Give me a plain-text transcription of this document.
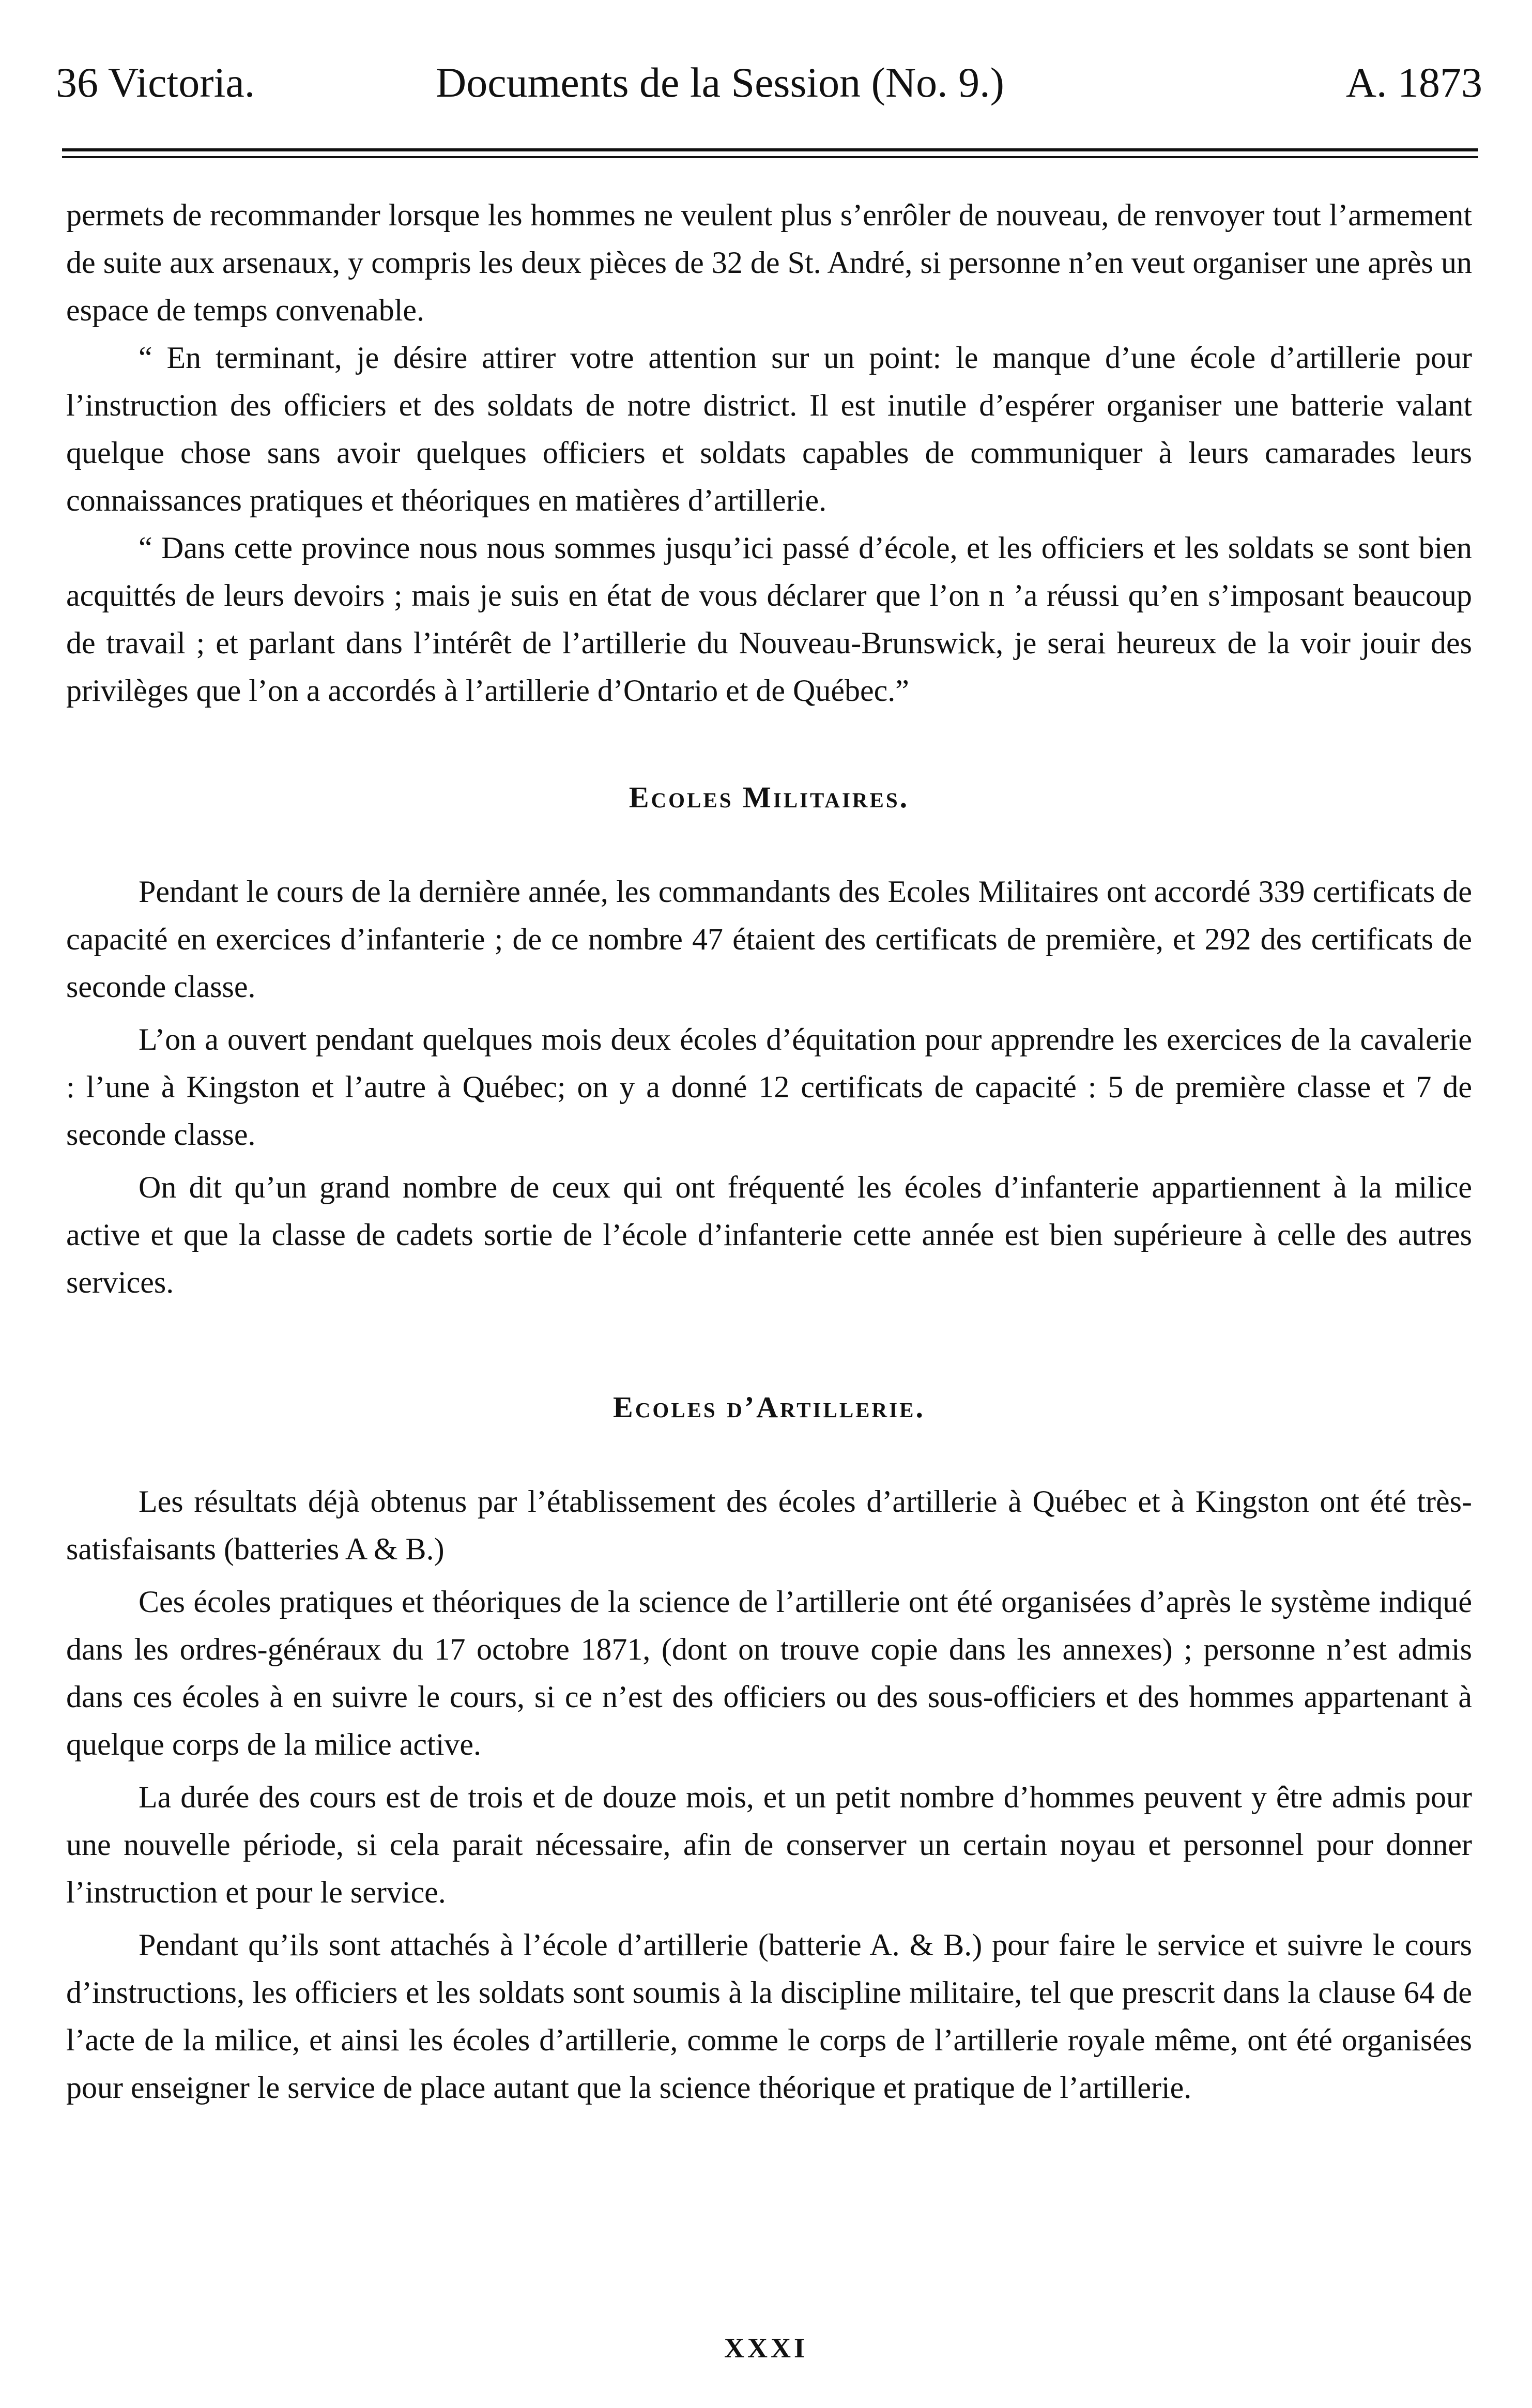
36 Victoria.	Documents de la Session (No. 9.)	A. 1873

permets de recommander lorsque les hommes ne veulent plus s’enrôler de nouveau, de renvoyer tout l’armement de suite aux arsenaux, y compris les deux pièces de 32 de St. André, si personne n’en veut organiser une après un espace de temps convenable.

“ En terminant, je désire attirer votre attention sur un point: le manque d’une école d’artillerie pour l’instruction des officiers et des soldats de notre district. Il est inutile d’espérer organiser une batterie valant quelque chose sans avoir quelques officiers et soldats capables de communiquer à leurs camarades leurs connaissances pratiques et théoriques en matières d’artillerie.

“ Dans cette province nous nous sommes jusqu’ici passé d’école, et les officiers et les soldats se sont bien acquittés de leurs devoirs ; mais je suis en état de vous déclarer que l’on n ’a réussi qu’en s’imposant beaucoup de travail ; et parlant dans l’intérêt de l’artillerie du Nouveau-Brunswick, je serai heureux de la voir jouir des privilèges que l’on a accordés à l’artillerie d’Ontario et de Québec.”

Ecoles Militaires.

Pendant le cours de la dernière année, les commandants des Ecoles Militaires ont accordé 339 certificats de capacité en exercices d’infanterie ; de ce nombre 47 étaient des certificats de première, et 292 des certificats de seconde classe.

L’on a ouvert pendant quelques mois deux écoles d’équitation pour apprendre les exercices de la cavalerie : l’une à Kingston et l’autre à Québec; on y a donné 12 certificats de capacité : 5 de première classe et 7 de seconde classe.

On dit qu’un grand nombre de ceux qui ont fréquenté les écoles d’infanterie appartiennent à la milice active et que la classe de cadets sortie de l’école d’infanterie cette année est bien supérieure à celle des autres services.

Ecoles d’Artillerie.

Les résultats déjà obtenus par l’établissement des écoles d’artillerie à Québec et à Kingston ont été très-satisfaisants (batteries A & B.)

Ces écoles pratiques et théoriques de la science de l’artillerie ont été organisées d’après le système indiqué dans les ordres-généraux du 17 octobre 1871, (dont on trouve copie dans les annexes) ; personne n’est admis dans ces écoles à en suivre le cours, si ce n’est des officiers ou des sous-officiers et des hommes appartenant à quelque corps de la milice active.

La durée des cours est de trois et de douze mois, et un petit nombre d’hommes peuvent y être admis pour une nouvelle période, si cela parait nécessaire, afin de conserver un certain noyau et personnel pour donner l’instruction et pour le service.

Pendant qu’ils sont attachés à l’école d’artillerie (batterie A. & B.) pour faire le service et suivre le cours d’instructions, les officiers et les soldats sont soumis à la discipline militaire, tel que prescrit dans la clause 64 de l’acte de la milice, et ainsi les écoles d’artillerie, comme le corps de l’artillerie royale même, ont été organisées pour enseigner le service de place autant que la science théorique et pratique de l’artillerie.

XXXI
